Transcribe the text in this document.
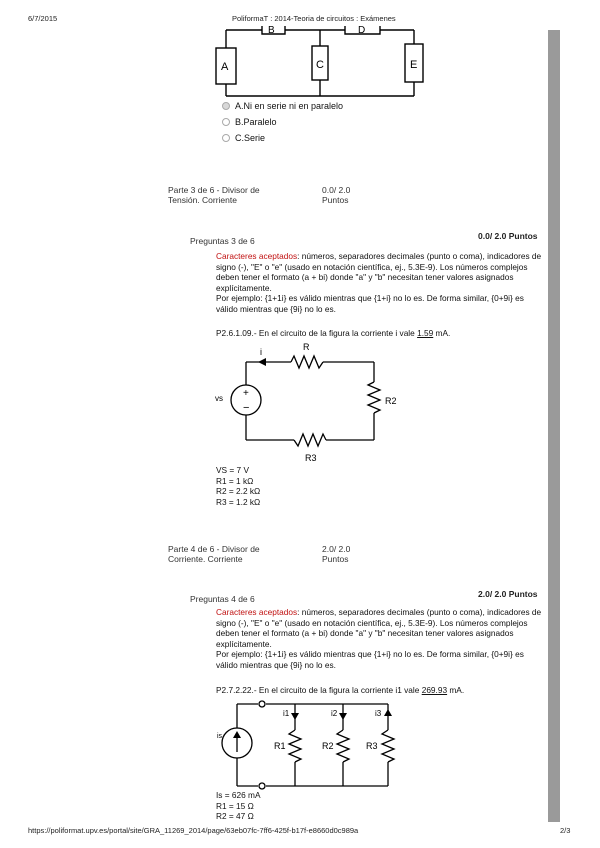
6/7/2015	PoliformaT : 2014-Teoria de circuitos : Exámenes
A
B
C
D
E
A.Ni en serie ni en paralelo
B.Paralelo
C.Serie
Parte 3 de 6 - Divisor de
Tensión. Corriente
0.0/ 2.0
Puntos
0.0/ 2.0 Puntos
Preguntas 3 de 6
Caracteres aceptados: números, separadores decimales (punto o coma), indicadores de signo (-), "E" o "e" (usado en notación científica, ej., 5.3E-9). Los números complejos deben tener el formato (a + bi) donde "a" y "b" necesitan tener valores asignados explícitamente.
Por ejemplo: {1+1i} es válido mientras que {1+i} no lo es. De forma similar, {0+9i} es válido mientras que {9i} no lo es.
P2.6.1.09.- En el circuito de la figura la corriente i vale 1.59 mA.
+
−
i	R
vs	R2
R3
VS = 7 V
R1 = 1 kΩ
R2 = 2.2 kΩ
R3 = 1.2 kΩ
Parte 4 de 6 - Divisor de
Corriente. Corriente
2.0/ 2.0
Puntos
2.0/ 2.0 Puntos
Preguntas 4 de 6
Caracteres aceptados: números, separadores decimales (punto o coma), indicadores de signo (-), "E" o "e" (usado en notación científica, ej., 5.3E-9). Los números complejos deben tener el formato (a + bi) donde "a" y "b" necesitan tener valores asignados explícitamente.
Por ejemplo: {1+1i} es válido mientras que {1+i} no lo es. De forma similar, {0+9i} es válido mientras que {9i} no lo es.
P2.7.2.22.- En el circuito de la figura la corriente i1 vale 269.93 mA.
is
i1	i2	i3
R1	R2	R3
Is = 626 mA
R1 = 15 Ω
R2 = 47 Ω
https://poliformat.upv.es/portal/site/GRA_11269_2014/page/63eb07fc-7ff6-425f-b17f-e8660d0c989a	2/3
